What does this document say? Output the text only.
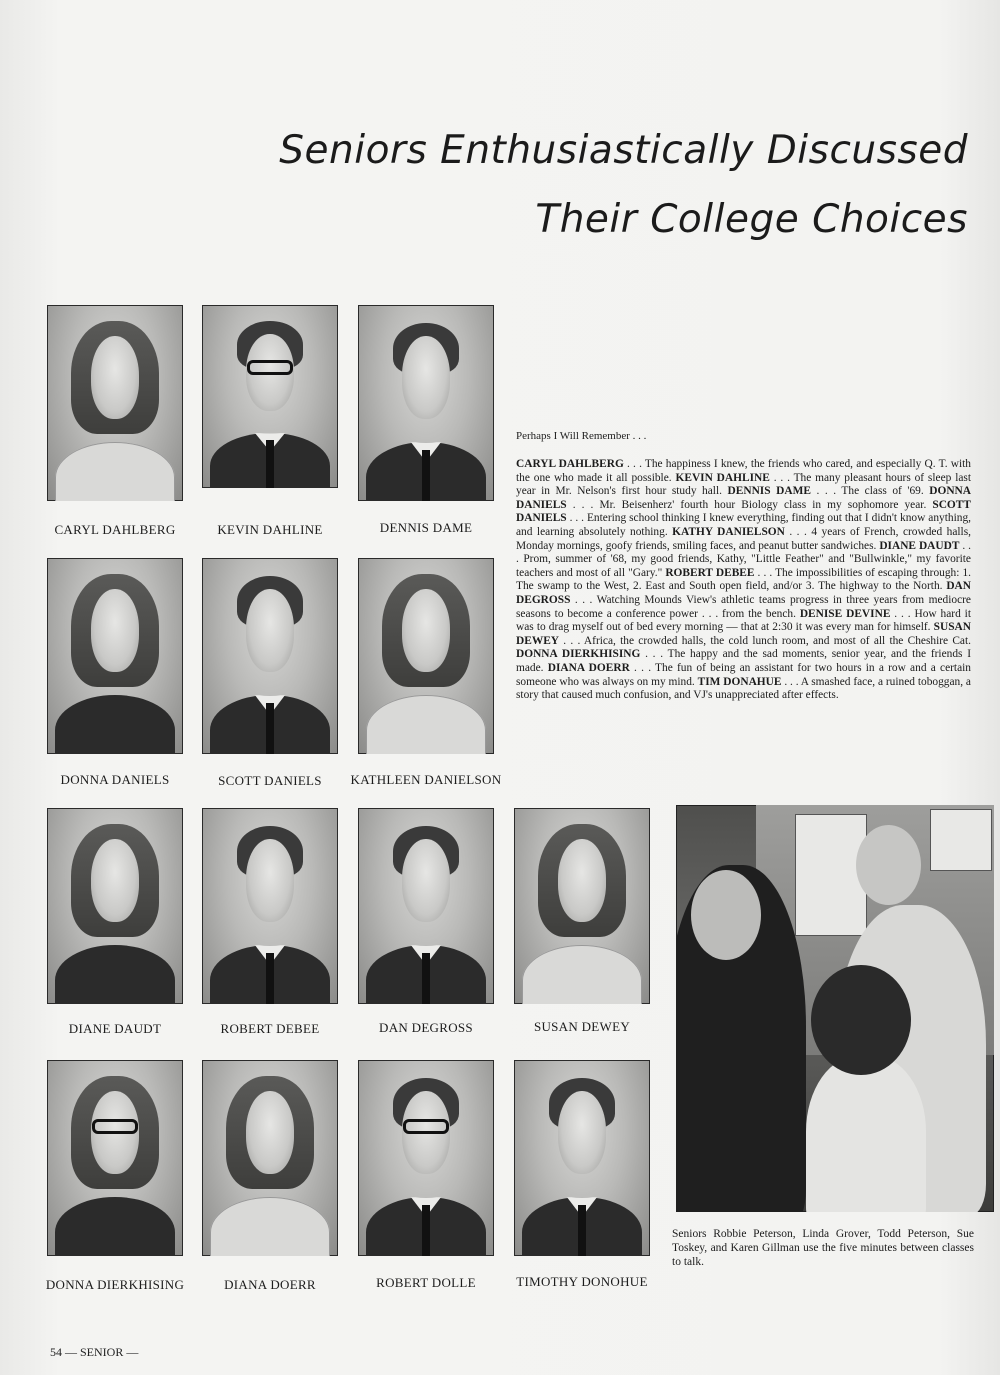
Seniors Enthusiastically Discussed
Their College Choices
CARYL DAHLBERG	KEVIN DAHLINE	DENNIS DAME
DONNA DANIELS	SCOTT DANIELS	KATHLEEN DANIELSON
DIANE DAUDT	ROBERT DEBEE	DAN DEGROSS	SUSAN DEWEY
DONNA DIERKHISING	DIANA DOERR	ROBERT DOLLE	TIMOTHY DONOHUE
Perhaps I Will Remember . . .
CARYL DAHLBERG . . . The happiness I knew, the friends who cared, and especially Q. T. with the one who made it all possible. KEVIN DAHLINE . . . The many pleasant hours of sleep last year in Mr. Nelson's first hour study hall. DENNIS DAME . . . The class of '69. DONNA DANIELS . . . Mr. Beisenherz' fourth hour Biology class in my sophomore year. SCOTT DANIELS . . . Entering school thinking I knew everything, finding out that I didn't know anything, and learning absolutely nothing. KATHY DANIELSON . . . 4 years of French, crowded halls, Monday mornings, goofy friends, smiling faces, and peanut butter sandwiches. DIANE DAUDT . . . Prom, summer of '68, my good friends, Kathy, "Little Feather" and "Bullwinkle," my favorite teachers and most of all "Gary." ROBERT DEBEE . . . The impossibilities of escaping through: 1. The swamp to the West, 2. East and South open field, and/or 3. The highway to the North. DAN DEGROSS . . . Watching Mounds View's athletic teams progress in three years from mediocre seasons to become a conference power . . . from the bench. DENISE DEVINE . . . How hard it was to drag myself out of bed every morning — that at 2:30 it was every man for himself. SUSAN DEWEY . . . Africa, the crowded halls, the cold lunch room, and most of all the Cheshire Cat. DONNA DIERKHISING . . . The happy and the sad moments, senior year, and the friends I made. DIANA DOERR . . . The fun of being an assistant for two hours in a row and a certain someone who was always on my mind. TIM DONAHUE . . . A smashed face, a ruined toboggan, a story that caused much confusion, and VJ's unappreciated after effects.
Seniors Robbie Peterson, Linda Grover, Todd Peterson, Sue Toskey, and Karen Gillman use the five minutes between classes to talk.
54 — SENIOR —
